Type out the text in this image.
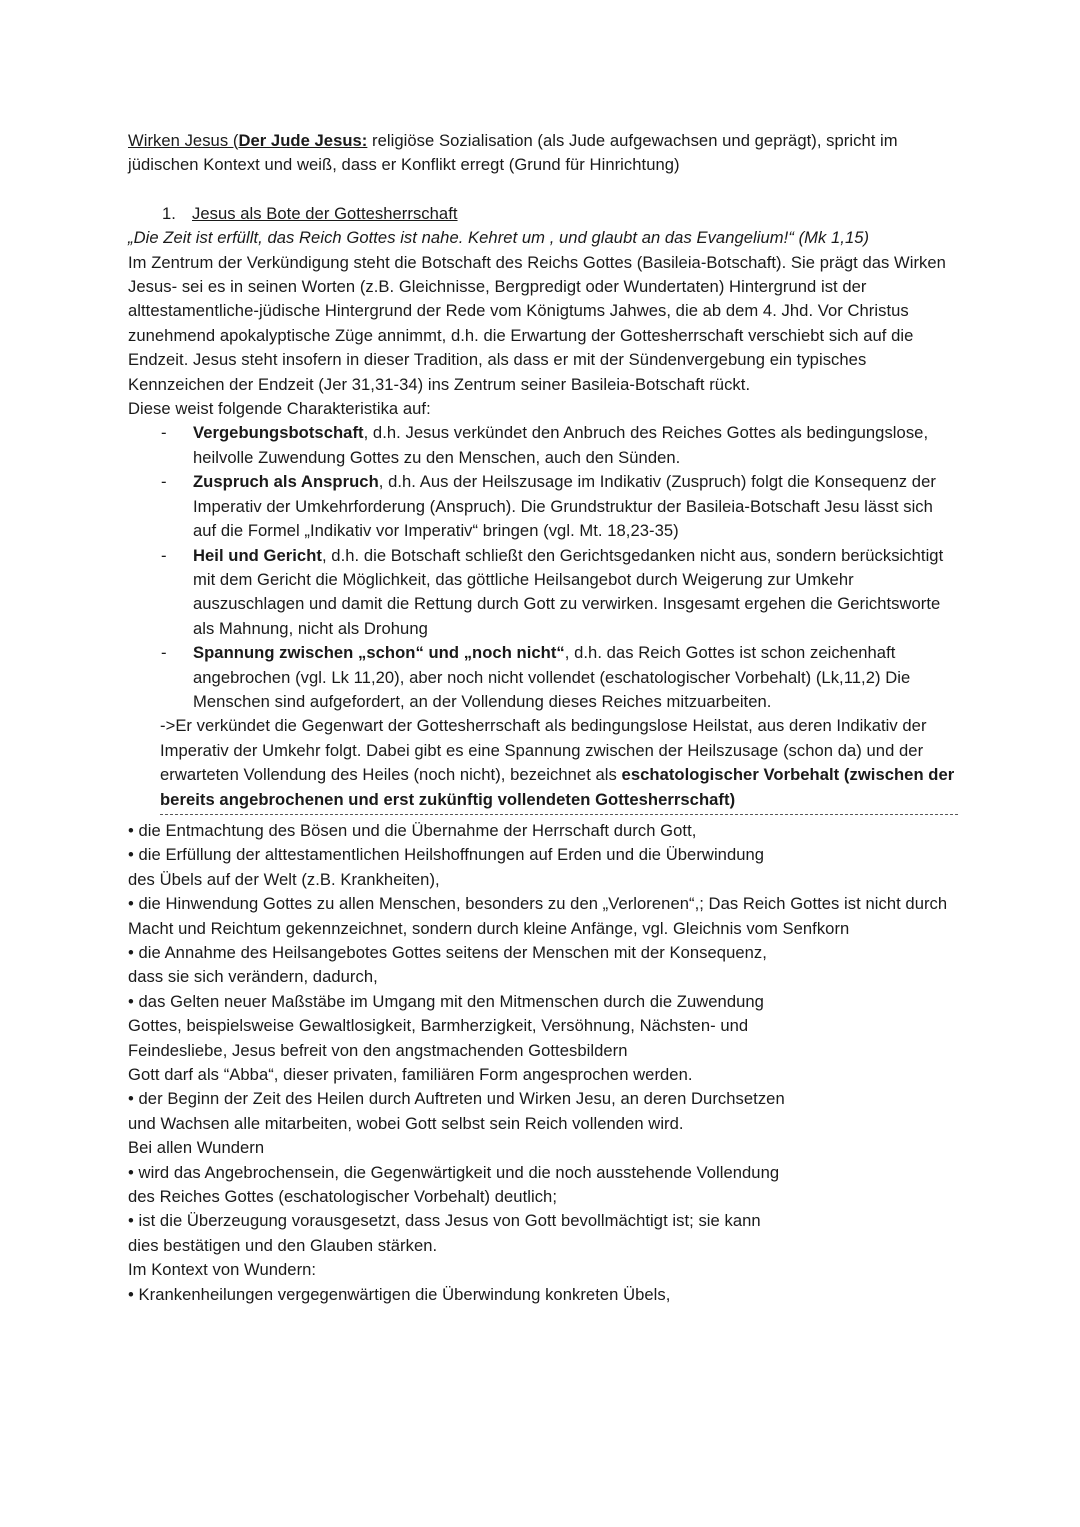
Wirken Jesus (Der Jude Jesus: religiöse Sozialisation (als Jude aufgewachsen und geprägt), spricht im jüdischen Kontext und weiß, dass er Konflikt erregt (Grund für Hinrichtung)

1. Jesus als Bote der Gottesherrschaft

„Die Zeit ist erfüllt, das Reich Gottes ist nahe. Kehret um , und glaubt an das Evangelium!“ (Mk 1,15)

Im Zentrum der Verkündigung steht die Botschaft des Reichs Gottes (Basileia-Botschaft). Sie prägt das Wirken Jesus- sei es in seinen Worten (z.B. Gleichnisse, Bergpredigt oder Wundertaten) Hintergrund ist der alttestamentliche-jüdische Hintergrund der Rede vom Königtums Jahwes, die ab dem 4. Jhd. Vor Christus zunehmend apokalyptische Züge annimmt, d.h. die Erwartung der Gottesherrschaft verschiebt sich auf die Endzeit. Jesus steht insofern in dieser Tradition, als dass er mit der Sündenvergebung ein typisches Kennzeichen der Endzeit (Jer 31,31-34) ins Zentrum seiner Basileia-Botschaft rückt.

Diese weist folgende Charakteristika auf:

- Vergebungsbotschaft, d.h. Jesus verkündet den Anbruch des Reiches Gottes als bedingungslose, heilvolle Zuwendung Gottes zu den Menschen, auch den Sünden.
- Zuspruch als Anspruch, d.h. Aus der Heilszusage im Indikativ (Zuspruch) folgt die Konsequenz der Imperativ der Umkehrforderung (Anspruch). Die Grundstruktur der Basileia-Botschaft Jesu lässt sich auf die Formel „Indikativ vor Imperativ“ bringen (vgl. Mt. 18,23-35)
- Heil und Gericht, d.h. die Botschaft schließt den Gerichtsgedanken nicht aus, sondern berücksichtigt mit dem Gericht die Möglichkeit, das göttliche Heilsangebot durch Weigerung zur Umkehr auszuschlagen und damit die Rettung durch Gott zu verwirken. Insgesamt ergehen die Gerichtsworte als Mahnung, nicht als Drohung
- Spannung zwischen „schon“ und „noch nicht“, d.h. das Reich Gottes ist schon zeichenhaft angebrochen (vgl. Lk 11,20), aber noch nicht vollendet (eschatologischer Vorbehalt) (Lk,11,2) Die Menschen sind aufgefordert, an der Vollendung dieses Reiches mitzuarbeiten.

->Er verkündet die Gegenwart der Gottesherrschaft als bedingungslose Heilstat, aus deren Indikativ der Imperativ der Umkehr folgt. Dabei gibt es eine Spannung zwischen der Heilszusage (schon da) und der erwarteten Vollendung des Heiles (noch nicht), bezeichnet als eschatologischer Vorbehalt (zwischen der bereits angebrochenen und erst zukünftig vollendeten Gottesherrschaft)

• die Entmachtung des Bösen und die Übernahme der Herrschaft durch Gott,

• die Erfüllung der alttestamentlichen Heilshoffnungen auf Erden und die Überwindung
des Übels auf der Welt (z.B. Krankheiten),

• die Hinwendung Gottes zu allen Menschen, besonders zu den „Verlorenen“,; Das Reich Gottes ist nicht durch Macht und Reichtum gekennzeichnet, sondern durch kleine Anfänge, vgl. Gleichnis vom Senfkorn

• die Annahme des Heilsangebotes Gottes seitens der Menschen mit der Konsequenz,
dass sie sich verändern, dadurch,

• das Gelten neuer Maßstäbe im Umgang mit den Mitmenschen durch die Zuwendung
Gottes, beispielsweise Gewaltlosigkeit, Barmherzigkeit, Versöhnung, Nächsten- und
Feindesliebe, Jesus befreit von den angstmachenden Gottesbildern
Gott darf als “Abba“, dieser privaten, familiären Form angesprochen werden.

• der Beginn der Zeit des Heilen durch Auftreten und Wirken Jesu, an deren Durchsetzen
und Wachsen alle mitarbeiten, wobei Gott selbst sein Reich vollenden wird.

Bei allen Wundern

• wird das Angebrochensein, die Gegenwärtigkeit und die noch ausstehende Vollendung
des Reiches Gottes (eschatologischer Vorbehalt) deutlich;

• ist die Überzeugung vorausgesetzt, dass Jesus von Gott bevollmächtigt ist; sie kann
dies bestätigen und den Glauben stärken.

Im Kontext von Wundern:

• Krankenheilungen vergegenwärtigen die Überwindung konkreten Übels,
